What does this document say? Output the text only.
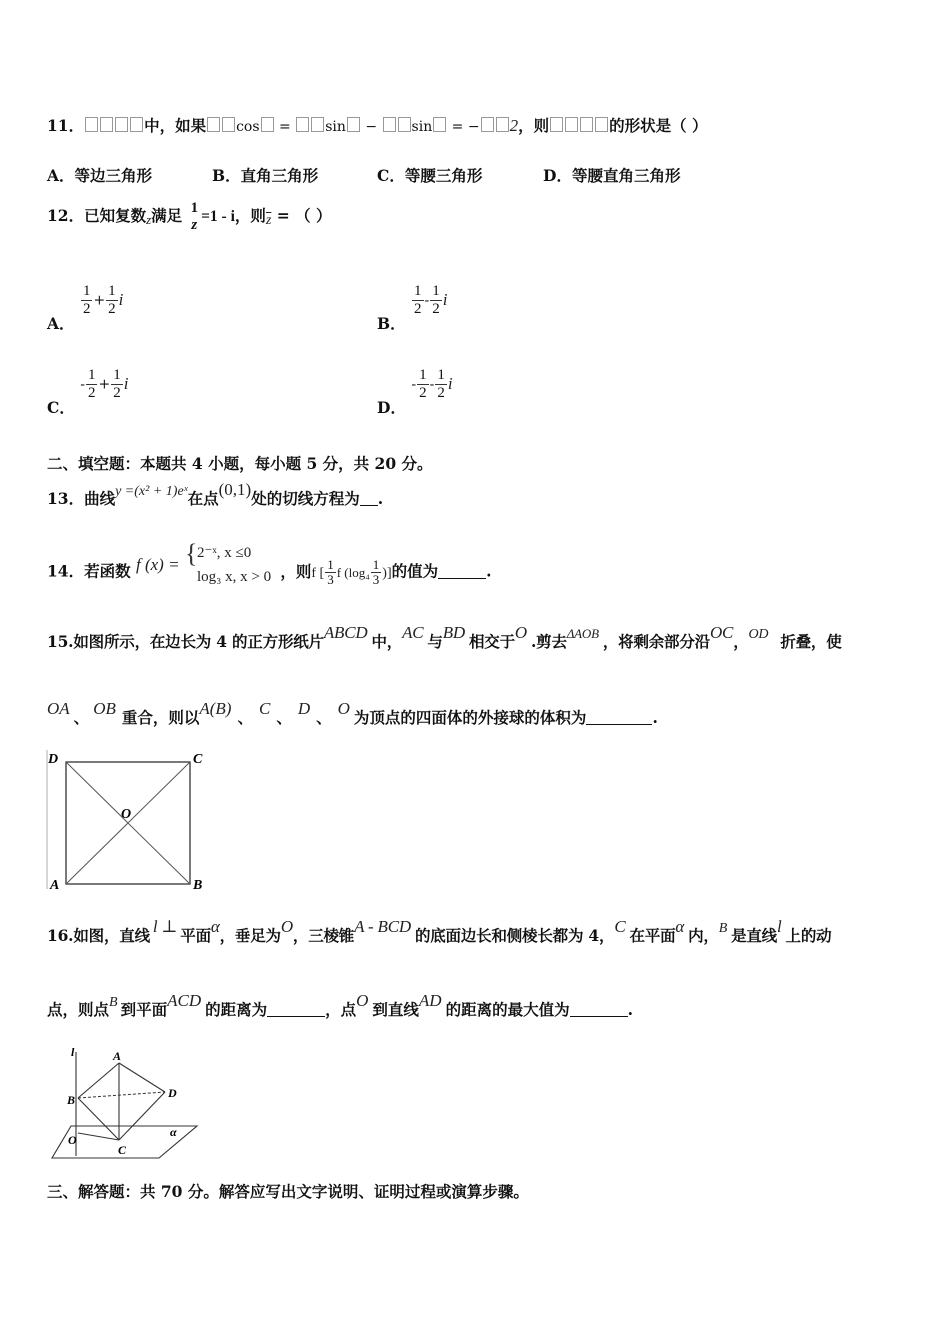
11．	中，如果 cos = sin − sin = − 2，则	的形状是（ ）
A．等边三角形	B．直角三角形	C．等腰三角形	D．等腰直角三角形
12．已知复数z满足 1
z =1 - i，则$\overline{z}$ = （ ）
A．
$\frac{1}{2} + \frac{1}{2}$ i
B．
$\frac{1}{2} - \frac{1}{2}$ i
C． - $\frac{1}{2} + \frac{1}{2}$ i
D． - $\frac{1}{2} - \frac{1}{2}$ i
二、填空题：本题共 4 小题，每小题 5 分，共 20 分。
13．曲线y =(x² + 1)eˣ在点(0,1)处的切线方程为 .
14．若函数 f (x) = { 2⁻ˣ, x ≤0
log₃ x, x > 0 ，则f [ $\frac{1}{3}$ f ($\log_4 \frac{1}{3}$ )]的值为	.
15.如图所示，在边长为 4 的正方形纸片ABCD 中，AC 与BD 相交于O .剪去$^{\Delta AOB}$ ，将剩余部分沿OC，OD 折叠，使
OA 、 OB 重合，则以A(B) 、 C 、 D 、 O 为顶点的四面体的外接球的体积为	.
D	C
O
A	B
16.如图，直线 l ⊥ 平面α，垂足为O，三棱锥A - BCD 的底面边长和侧棱长都为 4，C 在平面α 内，B 是直线l 上的动
点，则点B 到平面ACD 的距离为	，点O 到直线AD 的距离的最大值为	.
l	A
B	D
O
C
α
三、解答题：共 70 分。解答应写出文字说明、证明过程或演算步骤。
